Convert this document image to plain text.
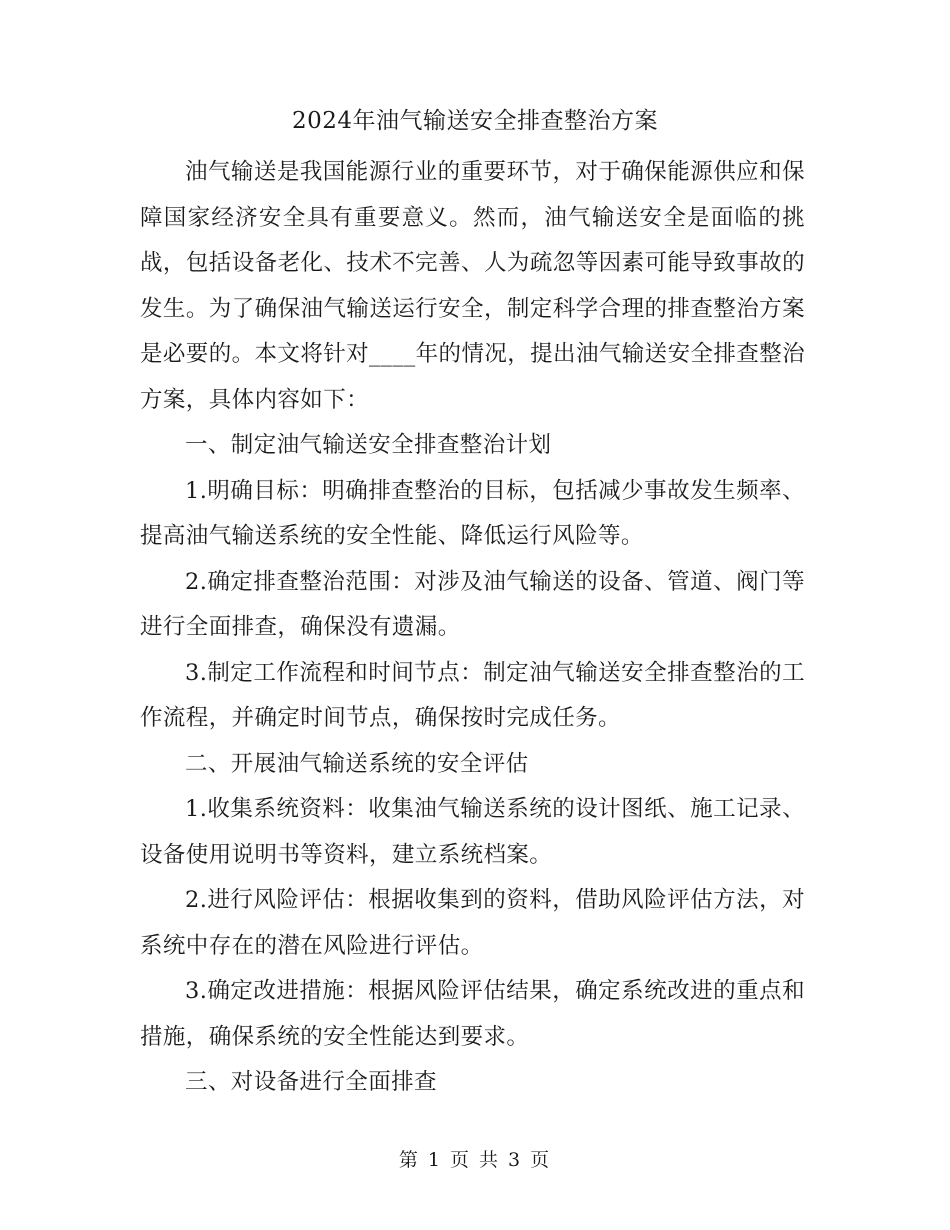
2024年油气输送安全排查整治方案

油气输送是我国能源行业的重要环节，对于确保能源供应和保障国家经济安全具有重要意义。然而，油气输送安全是面临的挑战，包括设备老化、技术不完善、人为疏忽等因素可能导致事故的发生。为了确保油气输送运行安全，制定科学合理的排查整治方案是必要的。本文将针对____年的情况，提出油气输送安全排查整治方案，具体内容如下：

一、制定油气输送安全排查整治计划

1.明确目标：明确排查整治的目标，包括减少事故发生频率、提高油气输送系统的安全性能、降低运行风险等。

2.确定排查整治范围：对涉及油气输送的设备、管道、阀门等进行全面排查，确保没有遗漏。

3.制定工作流程和时间节点：制定油气输送安全排查整治的工作流程，并确定时间节点，确保按时完成任务。

二、开展油气输送系统的安全评估

1.收集系统资料：收集油气输送系统的设计图纸、施工记录、设备使用说明书等资料，建立系统档案。

2.进行风险评估：根据收集到的资料，借助风险评估方法，对系统中存在的潜在风险进行评估。

3.确定改进措施：根据风险评估结果，确定系统改进的重点和措施，确保系统的安全性能达到要求。

三、对设备进行全面排查

第 1 页 共 3 页
